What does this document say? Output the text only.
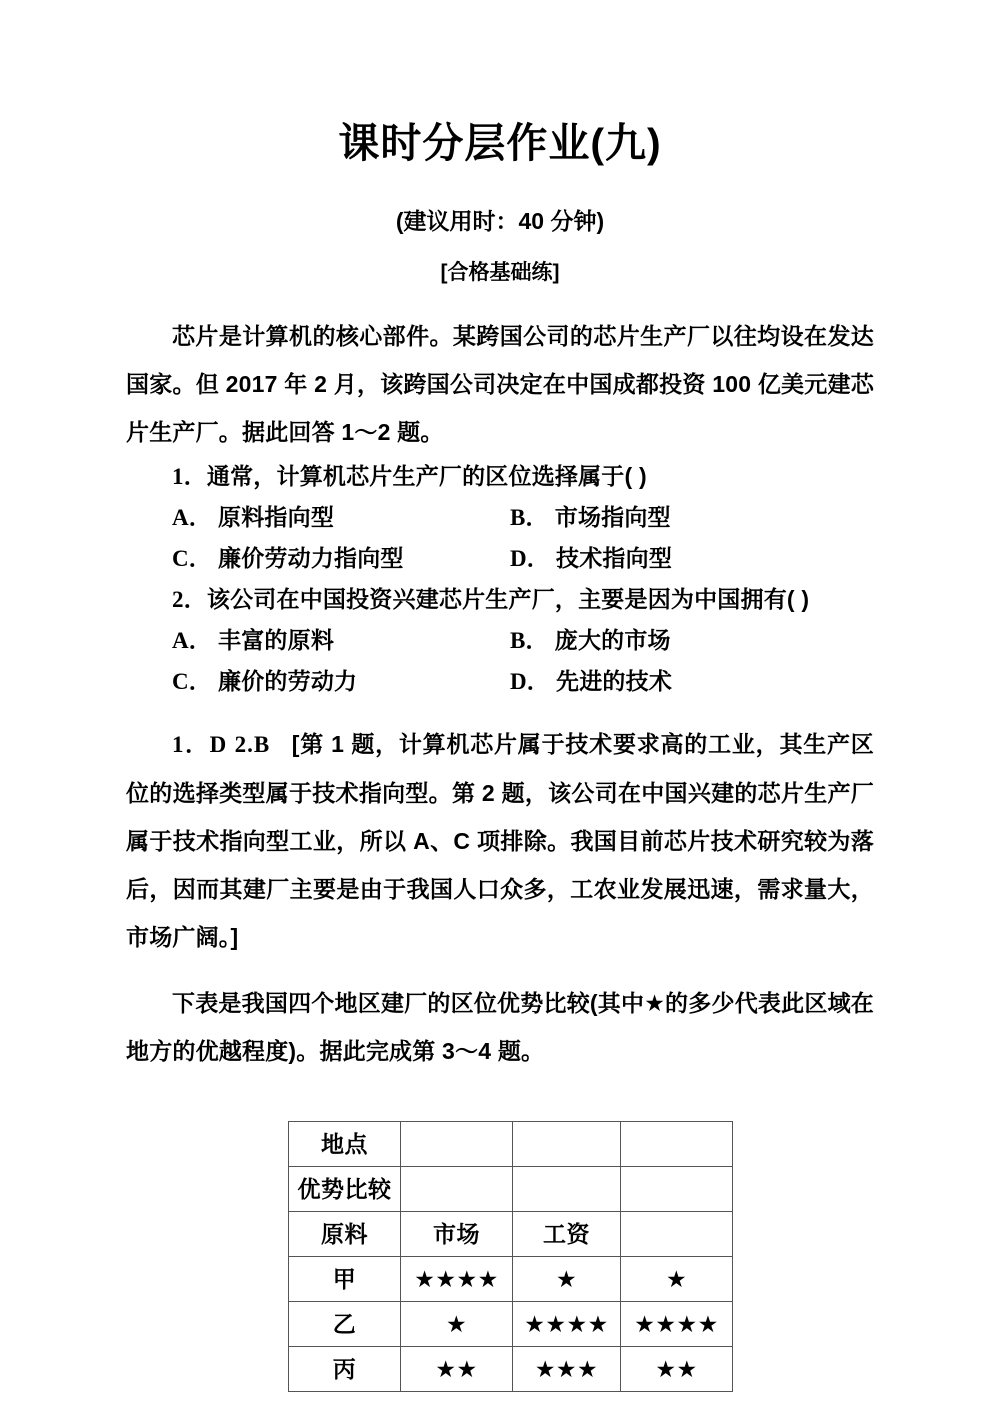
课时分层作业(九)
(建议用时：40 分钟)
[合格基础练]

芯片是计算机的核心部件。某跨国公司的芯片生产厂以往均设在发达国家。但 2017 年 2 月，该跨国公司决定在中国成都投资 100 亿美元建芯片生产厂。据此回答 1～2 题。

1．通常，计算机芯片生产厂的区位选择属于( )
A． 原料指向型	B． 市场指向型
C． 廉价劳动力指向型	D． 技术指向型
2．该公司在中国投资兴建芯片生产厂，主要是因为中国拥有( )
A． 丰富的原料	B． 庞大的市场
C． 廉价的劳动力	D． 先进的技术

1．D 2.B [第 1 题，计算机芯片属于技术要求高的工业，其生产区位的选择类型属于技术指向型。第 2 题，该公司在中国兴建的芯片生产厂属于技术指向型工业，所以 A、C 项排除。我国目前芯片技术研究较为落后，因而其建厂主要是由于我国人口众多，工农业发展迅速，需求量大，市场广阔。]

下表是我国四个地区建厂的区位优势比较(其中★的多少代表此区域在地方的优越程度)。据此完成第 3～4 题。

地点			
优势比较			
原料	市场	工资	
甲	★★★★	★	★
乙	★	★★★★	★★★★
丙	★★	★★★	★★
